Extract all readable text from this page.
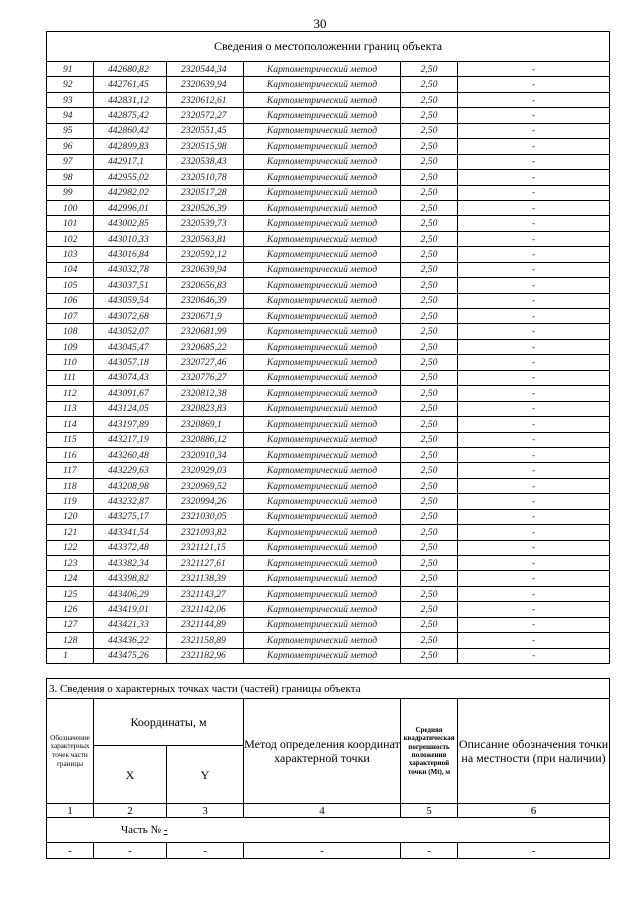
30
Сведения о местоположении границ объекта					
91	442680,82	2320544,34	Картометрический метод	2,50	-
92	442761,45	2320639,94	Картометрический метод	2,50	-
93	442831,12	2320612,61	Картометрический метод	2,50	-
94	442875,42	2320572,27	Картометрический метод	2,50	-
95	442860,42	2320551,45	Картометрический метод	2,50	-
96	442899,83	2320515,98	Картометрический метод	2,50	-
97	442917,1	2320538,43	Картометрический метод	2,50	-
98	442955,02	2320510,78	Картометрический метод	2,50	-
99	442982,02	2320517,28	Картометрический метод	2,50	-
100	442996,01	2320526,39	Картометрический метод	2,50	-
101	443002,85	2320539,73	Картометрический метод	2,50	-
102	443010,33	2320563,81	Картометрический метод	2,50	-
103	443016,84	2320592,12	Картометрический метод	2,50	-
104	443032,78	2320639,94	Картометрический метод	2,50	-
105	443037,51	2320656,83	Картометрический метод	2,50	-
106	443059,54	2320646,39	Картометрический метод	2,50	-
107	443072,68	2320671,9	Картометрический метод	2,50	-
108	443052,07	2320681,99	Картометрический метод	2,50	-
109	443045,47	2320685,22	Картометрический метод	2,50	-
110	443057,18	2320727,46	Картометрический метод	2,50	-
111	443074,43	2320776,27	Картометрический метод	2,50	-
112	443091,67	2320812,38	Картометрический метод	2,50	-
113	443124,05	2320823,83	Картометрический метод	2,50	-
114	443197,89	2320869,1	Картометрический метод	2,50	-
115	443217,19	2320886,12	Картометрический метод	2,50	-
116	443260,48	2320910,34	Картометрический метод	2,50	-
117	443229,63	2320929,03	Картометрический метод	2,50	-
118	443208,98	2320969,52	Картометрический метод	2,50	-
119	443232,87	2320994,26	Картометрический метод	2,50	-
120	443275,17	2321030,05	Картометрический метод	2,50	-
121	443341,54	2321093,82	Картометрический метод	2,50	-
122	443372,48	2321121,15	Картометрический метод	2,50	-
123	443382,34	2321127,61	Картометрический метод	2,50	-
124	443398,82	2321138,39	Картометрический метод	2,50	-
125	443406,29	2321143,27	Картометрический метод	2,50	-
126	443419,01	2321142,06	Картометрический метод	2,50	-
127	443421,33	2321144,89	Картометрический метод	2,50	-
128	443436,22	2321158,89	Картометрический метод	2,50	-
1	443475,26	2321182,96	Картометрический метод	2,50	-
3. Сведения о характерных точках части (частей) границы объекта					
Обозначение характерных точек части границы	Координаты, м		Метод определения координат характерной точки	Средняя квадратическая погрешность положения характерной точки (Mt), м	Описание обозначения точки на местности (при наличии)
	X	Y			
1	2	3	4	5	6
Часть № -					
-	-	-	-	-	-
